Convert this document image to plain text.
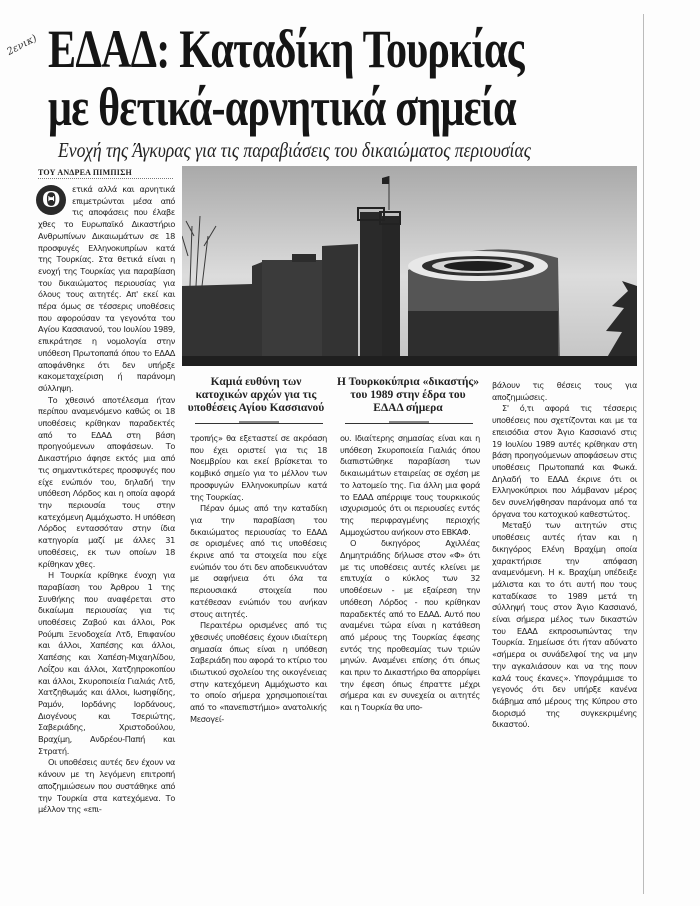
2ενικ) ΕΔΑΔ: Καταδίκη Τουρκίας
με θετικά-αρνητικά σημεία
Ενοχή της Άγκυρας για τις παραβιάσεις του δικαιώματος περιουσίας
ΤΟΥ ΑΝΔΡΕΑ ΠΙΜΠΙΣΗ
Καμιά ευθύνη των κατοχικών αρχών για τις υποθέσεις Αγίου Κασσιανού
Η Τουρκοκύπρια «δικαστής» του 1989 στην έδρα του ΕΔΑΔ σήμερα

Θ	ετικά αλλά και αρνητικά επιμετρώνται μέσα από τις αποφάσεις που έλαβε χθες το Ευρωπαϊκό Δικαστήριο Ανθρωπίνων Δικαιωμάτων σε 18 προσφυγές Ελληνοκυπρίων κατά της Τουρκίας. Στα θετικά είναι η ενοχή της Τουρκίας για παραβίαση του δικαιώματος περιουσίας για όλους τους αιτητές. Απ' εκεί και πέρα όμως σε τέσσερις υποθέσεις που αφορούσαν τα γεγονότα του Αγίου Κασσιανού, του Ιουλίου 1989, επικράτησε η νομολογία στην υπόθεση Πρωτοπαπά όπου το ΕΔΑΔ αποφάνθηκε ότι δεν υπήρξε κακομεταχείριση ή παράνομη σύλληψη.

Το χθεσινό αποτέλεσμα ήταν περίπου αναμενόμενο καθώς οι 18 υποθέσεις κρίθηκαν παραδεκτές από το ΕΔΑΔ στη βάση προηγούμενων αποφάσεων. Το Δικαστήριο άφησε εκτός μια από τις σημαντικότερες προσφυγές που είχε ενώπιόν του, δηλαδή την υπόθεση Λόρδος και η οποία αφορά την περιουσία τους στην κατεχόμενη Αμμόχωστο. Η υπόθεση Λόρδος εντασσόταν στην ίδια κατηγορία μαζί με άλλες 31 υποθέσεις, εκ των οποίων 18 κρίθηκαν χθες.

Η Τουρκία κρίθηκε ένοχη για παραβίαση του Άρθρου 1 της Συνθήκης που αναφέρεται στο δικαίωμα περιουσίας για τις υποθέσεις Ζαβού και άλλοι, Ροκ Ρούμπι Ξενοδοχεία Λτδ, Επιφανίου και άλλοι, Χαπέσης και άλλοι, Χαπέσης και Χαπέση-Μιχαηλίδου, Λοΐζου και άλλοι, Χατζηπροκοπίου και άλλοι, Σκυροποιεία Γιαλιάς Λτδ, Χατζηθωμάς και άλλοι, Ιωσηφίδης, Ραμόν, Ιορδάνης Ιορδάνους, Διογένους και Τσεριώτης, Σαβεριάδης, Χριστοδούλου, Βραχίμη, Ανδρέου-Παπή και Στρατή.

Οι υποθέσεις αυτές δεν έχουν να κάνουν με τη λεγόμενη επιτροπή αποζημιώσεων που συστάθηκε από την Τουρκία στα κατεχόμενα. Το μέλλον της «επι-

τροπής» θα εξεταστεί σε ακρόαση που έχει οριστεί για τις 18 Νοεμβρίου και εκεί βρίσκεται το κομβικό σημείο για το μέλλον των προσφυγών Ελληνοκυπρίων κατά της Τουρκίας.

Πέραν όμως από την καταδίκη για την παραβίαση του δικαιώματος περιουσίας το ΕΔΑΔ σε ορισμένες από τις υποθέσεις έκρινε από τα στοιχεία που είχε ενώπιόν του ότι δεν αποδεικνυόταν με σαφήνεια ότι όλα τα περιουσιακά στοιχεία που κατέθεσαν ενώπιόν του ανήκαν στους αιτητές.

Περαιτέρω ορισμένες από τις χθεσινές υποθέσεις έχουν ιδιαίτερη σημασία όπως είναι η υπόθεση Σαβεριάδη που αφορά το κτίριο του ιδιωτικού σχολείου της οικογένειας στην κατεχόμενη Αμμόχωστο και το οποίο σήμερα χρησιμοποιείται από το «πανεπιστήμιο» ανατολικής Μεσογεί-

ου. Ιδιαίτερης σημασίας είναι και η υπόθεση Σκυροποιεία Γιαλιάς όπου διαπιστώθηκε παραβίαση των δικαιωμάτων εταιρείας σε σχέση με το λατομείο της. Για άλλη μια φορά το ΕΔΑΔ απέρριψε τους τουρκικούς ισχυρισμούς ότι οι περιουσίες εντός της περιφραγμένης περιοχής Αμμοχώστου ανήκουν στο ΕΒΚΑΦ.

Ο δικηγόρος Αχιλλέας Δημητριάδης δήλωσε στον «Φ» ότι με τις υποθέσεις αυτές κλείνει με επιτυχία ο κύκλος των 32 υποθέσεων - με εξαίρεση την υπόθεση Λόρδος - που κρίθηκαν παραδεκτές από το ΕΔΑΔ. Αυτό που αναμένει τώρα είναι η κατάθεση από μέρους της Τουρκίας έφεσης εντός της προθεσμίας των τριών μηνών. Αναμένει επίσης ότι όπως και πριν το Δικαστήριο θα απορρίψει την έφεση όπως έπραττε μέχρι σήμερα και εν συνεχεία οι αιτητές και η Τουρκία θα υπο-

βάλουν τις θέσεις τους για αποζημιώσεις.

Σ' ό,τι αφορά τις τέσσερις υποθέσεις που σχετίζονται και με τα επεισόδια στον Άγιο Κασσιανό στις 19 Ιουλίου 1989 αυτές κρίθηκαν στη βάση προηγούμενων αποφάσεων στις υποθέσεις Πρωτοπαπά και Φωκά. Δηλαδή το ΕΔΑΔ έκρινε ότι οι Ελληνοκύπριοι που λάμβαναν μέρος δεν συνελήφθησαν παράνομα από τα όργανα του κατοχικού καθεστώτος.

Μεταξύ των αιτητών στις υποθέσεις αυτές ήταν και η δικηγόρος Ελένη Βραχίμη οποία χαρακτήρισε την απόφαση αναμενόμενη. Η κ. Βραχίμη υπέδειξε μάλιστα και το ότι αυτή που τους καταδίκασε το 1989 μετά τη σύλληψή τους στον Άγιο Κασσιανό, είναι σήμερα μέλος των δικαστών του ΕΔΑΔ εκπροσωπώντας την Τουρκία. Σημείωσε ότι ήταν αδύνατο «σήμερα οι συνάδελφοί της να μην την αγκαλιάσουν και να της πουν καλά τους έκανες». Υπογράμμισε το γεγονός ότι δεν υπήρξε κανένα διάβημα από μέρους της Κύπρου στο διορισμό της συγκεκριμένης δικαστού.
